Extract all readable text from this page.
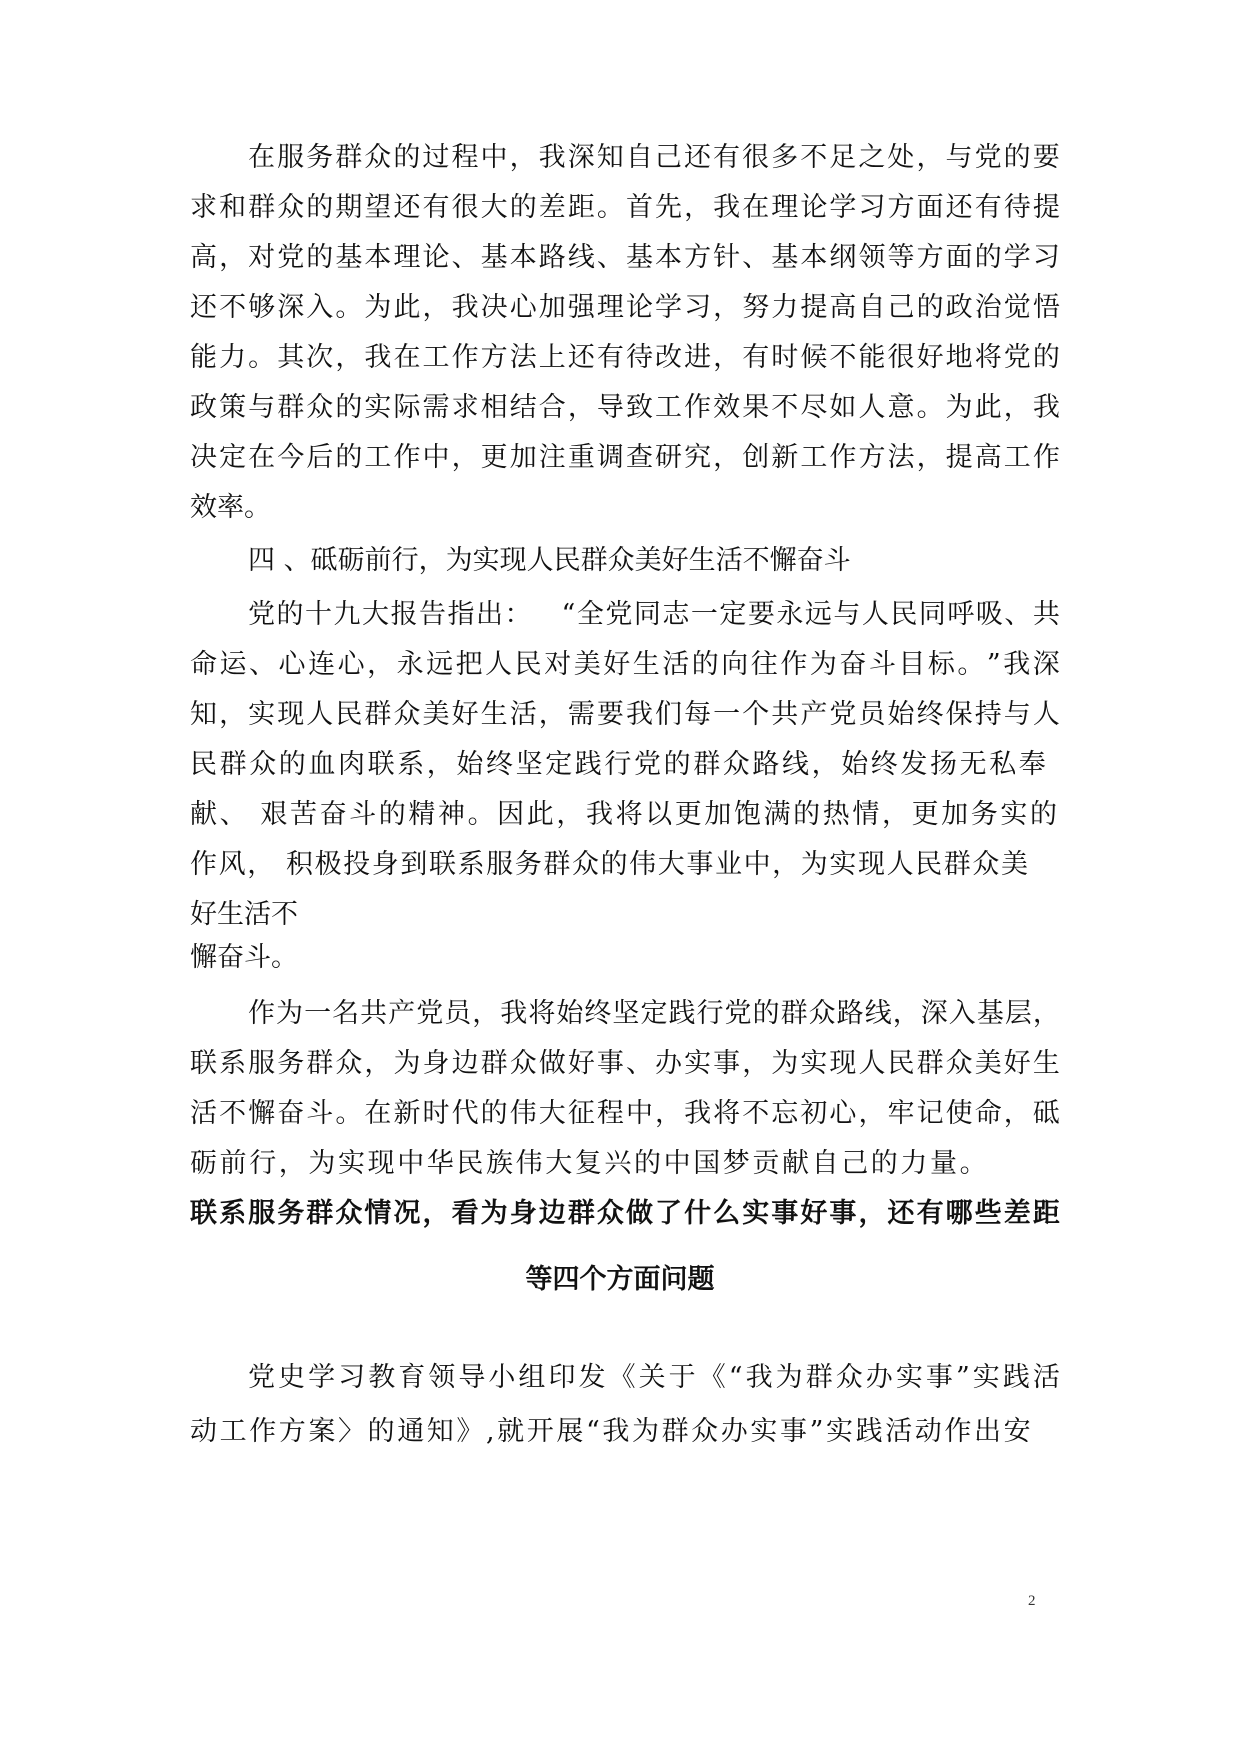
在 服 务 群 众 的 过 程 中 ， 我 深 知 自 己 还 有 很 多 不 足 之 处 ， 与 党 的 要

求 和 群 众 的 期 望 还 有 很 大 的 差 距 。 首 先 ， 我 在 理 论 学 习 方 面 还 有 待 提

高 ， 对 党 的 基 本 理 论 、 基 本 路 线 、 基 本 方 针 、 基 本 纲 领 等 方 面 的 学 习

还 不 够 深 入 。 为 此 ， 我 决 心 加 强 理 论 学 习 ， 努 力 提 高 自 己 的 政 治 觉 悟

能 力 。 其 次 ， 我 在 工 作 方 法 上 还 有 待 改 进 ， 有 时 候 不 能 很 好 地 将 党 的

政 策 与 群 众 的 实 际 需 求 相 结 合 ， 导 致 工 作 效 果 不 尽 如 人 意 。 为 此 ， 我

决 定 在 今 后 的 工 作 中 ， 更 加 注 重 调 查 研 究 ， 创 新 工 作 方 法 ， 提 高 工 作

效率。

四 、砥砺前行，为实现人民群众美好生活不懈奋斗

党 的 十 九 大 报 告 指 出 ：
　 “ 全 党 同 志 一 定 要 永 远 与 人 民 同 呼 吸 、 共

命 运 、 心 连 心 ， 永 远 把 人 民 对 美 好 生 活 的 向 往 作 为 奋 斗 目 标 。 ” 我 深

知 ， 实 现 人 民 群 众 美 好 生 活 ， 需 要 我 们 每 一 个 共 产 党 员 始 终 保 持 与 人

民群众的血肉联系，始终坚定践行党的群众路线，始终发扬无私奉

献、 艰苦奋斗的精神。因此，我将以更加饱满的热情，更加务实的

作风， 积极投身到联系服务群众的伟大事业中，为实现人民群众美

好生活不

懈奋斗。

作 为 一 名 共 产 党 员 ， 我 将 始 终 坚 定 践 行 党 的 群 众 路 线 ， 深 入 基 层 ，

联 系 服 务 群 众 ， 为 身 边 群 众 做 好 事 、 办 实 事 ， 为 实 现 人 民 群 众 美 好 生

活 不 懈 奋 斗 。 在 新 时 代 的 伟 大 征 程 中 ， 我 将 不 忘 初 心 ， 牢 记 使 命 ， 砥

砺前行，为实现中华民族伟大复兴的中国梦贡献自己的力量。

联 系 服 务 群 众 情 况 ， 看 为 身 边 群 众 做 了 什 么 实 事 好 事 ， 还 有 哪 些 差 距

等四个方面问题

党 史 学 习 教 育 领 导 小 组 印 发 《 关 于 《 “ 我 为 群 众 办 实 事 ” 实 践 活

动工作方案〉的通知》,就开展“我为群众办实事”实践活动作出安

2
